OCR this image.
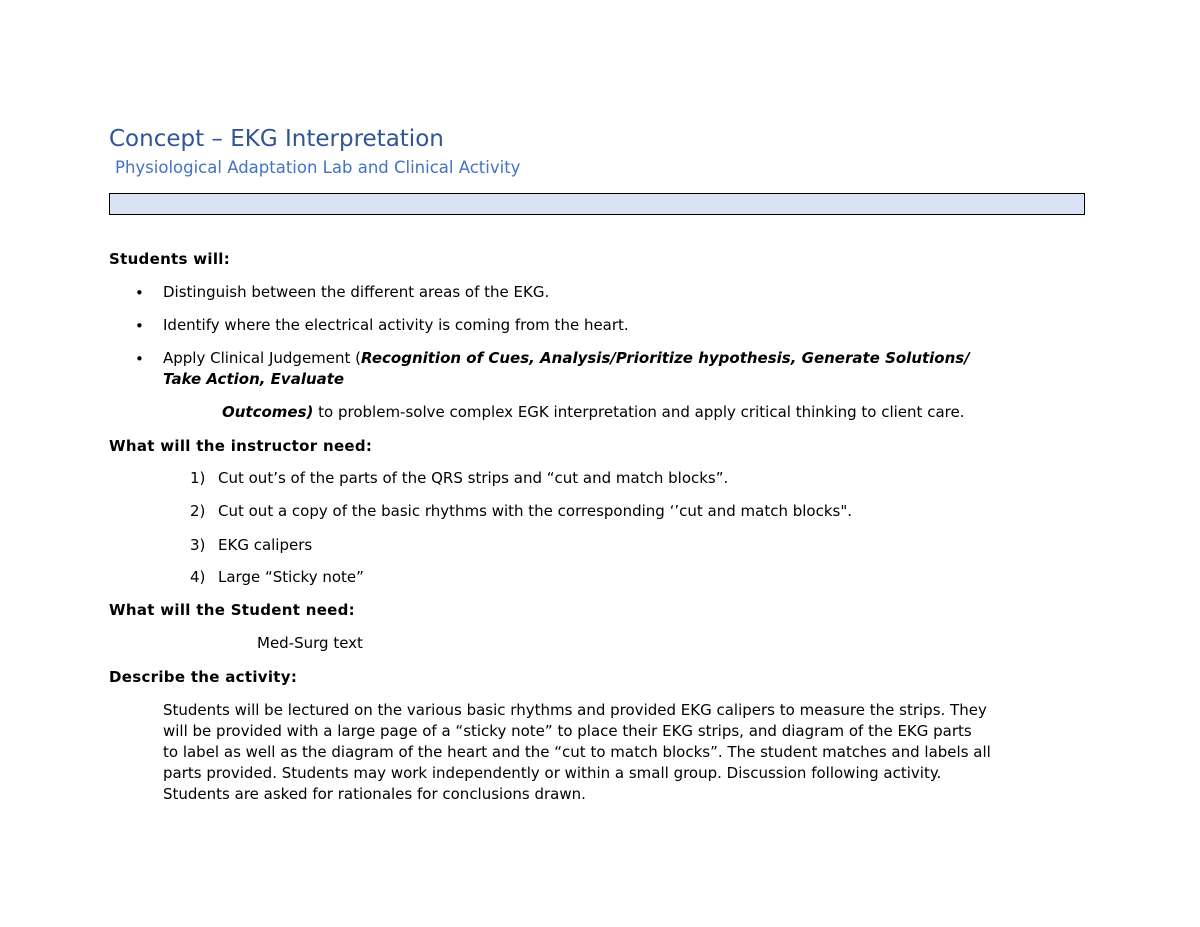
Concept – EKG Interpretation
Physiological Adaptation Lab and Clinical Activity
Students will:
• Distinguish between the different areas of the EKG.
• Identify where the electrical activity is coming from the heart.
• Apply Clinical Judgement (Recognition of Cues, Analysis/Prioritize hypothesis, Generate Solutions/
Take Action, Evaluate
Outcomes) to problem-solve complex EGK interpretation and apply critical thinking to client care.
What will the instructor need:
1) Cut out’s of the parts of the QRS strips and “cut and match blocks”.
2) Cut out a copy of the basic rhythms with the corresponding ‘’cut and match blocks".
3) EKG calipers
4) Large “Sticky note”
What will the Student need:
Med-Surg text
Describe the activity:
Students will be lectured on the various basic rhythms and provided EKG calipers to measure the strips. They
will be provided with a large page of a “sticky note” to place their EKG strips, and diagram of the EKG parts
to label as well as the diagram of the heart and the “cut to match blocks”. The student matches and labels all
parts provided. Students may work independently or within a small group. Discussion following activity.
Students are asked for rationales for conclusions drawn.
